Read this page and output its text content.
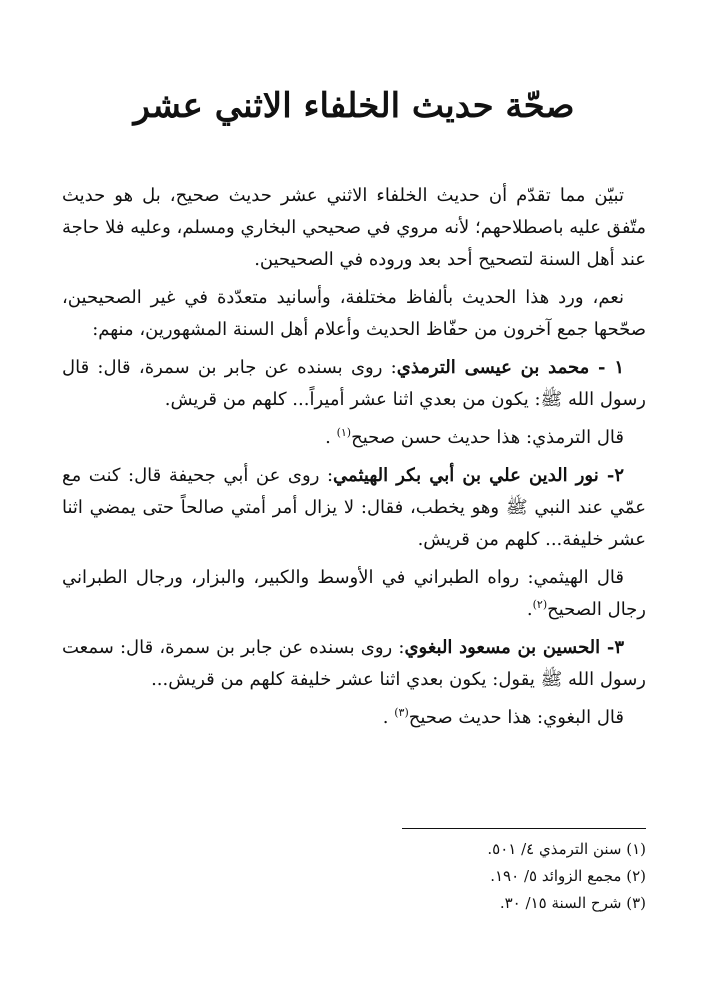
صحّة حديث الخلفاء الاثني عشر

تبيّن مما تقدّم أن حديث الخلفاء الاثني عشر حديث صحيح، بل هو حديث متّفق عليه باصطلاحهم؛ لأنه مروي في صحيحي البخاري ومسلم، وعليه فلا حاجة عند أهل السنة لتصحيح أحد بعد وروده في الصحيحين.

نعم، ورد هذا الحديث بألفاظ مختلفة، وأسانيد متعدّدة في غير الصحيحين، صحّحها جمع آخرون من حفّاظ الحديث وأعلام أهل السنة المشهورين، منهم:

١ - محمد بن عيسى الترمذي: روى بسنده عن جابر بن سمرة، قال: قال رسول الله ﷺ: يكون من بعدي اثنا عشر أميراً... كلهم من قريش.

قال الترمذي: هذا حديث حسن صحيح$^{(١)}$ .

٢- نور الدين علي بن أبي بكر الهيثمي: روى عن أبي جحيفة قال: كنت مع عمّي عند النبي ﷺ وهو يخطب، فقال: لا يزال أمر أمتي صالحاً حتى يمضي اثنا عشر خليفة... كلهم من قريش.

قال الهيثمي: رواه الطبراني في الأوسط والكبير، والبزار، ورجال الطبراني رجال الصحيح$^{(٢)}$.

٣- الحسين بن مسعود البغوي: روى بسنده عن جابر بن سمرة، قال: سمعت رسول الله ﷺ يقول: يكون بعدي اثنا عشر خليفة كلهم من قريش...

قال البغوي: هذا حديث صحيح$^{(٣)}$ .

(١) سنن الترمذي ٤/ ٥٠١.

(٢) مجمع الزوائد ٥/ ١٩٠.

(٣) شرح السنة ١٥/ ٣٠.
